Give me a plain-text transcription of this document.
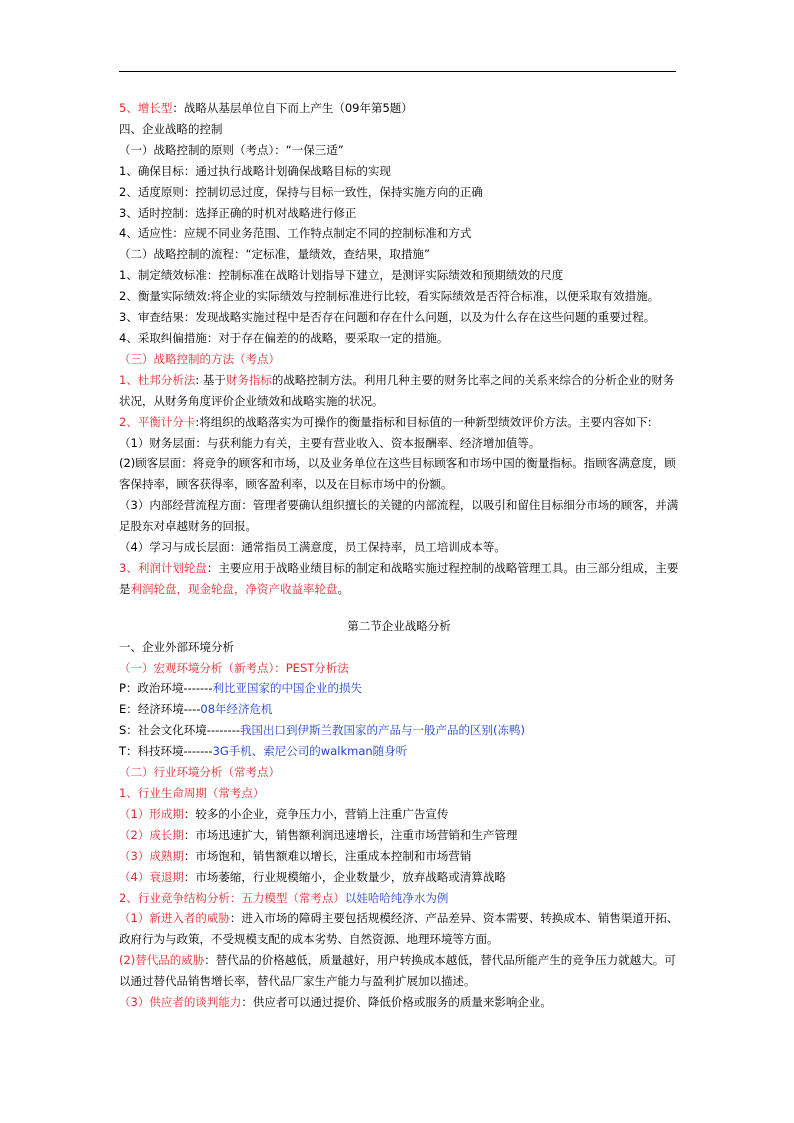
5、增长型：战略从基层单位自下而上产生（09年第5题）
四、企业战略的控制
（一）战略控制的原则（考点）：“一保三适”
1、确保目标：通过执行战略计划确保战略目标的实现
2、适度原则：控制切忌过度，保持与目标一致性，保持实施方向的正确
3、适时控制：选择正确的时机对战略进行修正
4、适应性：应规不同业务范围、工作特点制定不同的控制标准和方式
（二）战略控制的流程：“定标准，量绩效，查结果，取措施”
1、制定绩效标准：控制标准在战略计划指导下建立，是测评实际绩效和预期绩效的尺度
2、衡量实际绩效:将企业的实际绩效与控制标准进行比较，看实际绩效是否符合标准，以便采取有效措施。
3、审查结果：发现战略实施过程中是否存在问题和存在什么问题，以及为什么存在这些问题的重要过程。
4、采取纠偏措施：对于存在偏差的的战略，要采取一定的措施。
（三）战略控制的方法（考点）
1、杜邦分析法: 基于财务指标的战略控制方法。利用几种主要的财务比率之间的关系来综合的分析企业的财务状况，从财务角度评价企业绩效和战略实施的状况。
2、平衡计分卡:将组织的战略落实为可操作的衡量指标和目标值的一种新型绩效评价方法。主要内容如下:
（1）财务层面：与获利能力有关，主要有营业收入、资本报酬率、经济增加值等。
(2)顾客层面：将竞争的顾客和市场，以及业务单位在这些目标顾客和市场中国的衡量指标。指顾客满意度，顾客保持率，顾客获得率，顾客盈利率，以及在目标市场中的份额。
（3）内部经营流程方面：管理者要确认组织擅长的关键的内部流程，以吸引和留住目标细分市场的顾客，并满足股东对卓越财务的回报。
（4）学习与成长层面：通常指员工满意度，员工保持率，员工培训成本等。
3、利润计划轮盘：主要应用于战略业绩目标的制定和战略实施过程控制的战略管理工具。由三部分组成，主要是利润轮盘，现金轮盘，净资产收益率轮盘。
第二节企业战略分析
一、企业外部环境分析
（一）宏观环境分析（新考点）：PEST分析法
P：政治环境-------利比亚国家的中国企业的损失
E：经济环境----08年经济危机
S：社会文化环境--------我国出口到伊斯兰教国家的产品与一般产品的区别(冻鸭)
T：科技环境-------3G手机、索尼公司的walkman随身听
（二）行业环境分析（常考点）
1、行业生命周期（常考点）
（1）形成期：较多的小企业，竞争压力小，营销上注重广告宣传
（2）成长期：市场迅速扩大，销售额利润迅速增长，注重市场营销和生产管理
（3）成熟期：市场饱和，销售额难以增长，注重成本控制和市场营销
（4）衰退期：市场萎缩，行业规模缩小，企业数量少，放弃战略或清算战略
2、行业竞争结构分析：五力模型（常考点）以娃哈哈纯净水为例
（1）新进入者的威胁：进入市场的障碍主要包括规模经济、产品差异、资本需要、转换成本、销售渠道开拓、政府行为与政策，不受规模支配的成本劣势、自然资源、地理环境等方面。
(2)替代品的威胁：替代品的价格越低，质量越好，用户转换成本越低，替代品所能产生的竞争压力就越大。可以通过替代品销售增长率，替代品厂家生产能力与盈利扩展加以描述。
（3）供应者的谈判能力：供应者可以通过提价、降低价格或服务的质量来影响企业。
